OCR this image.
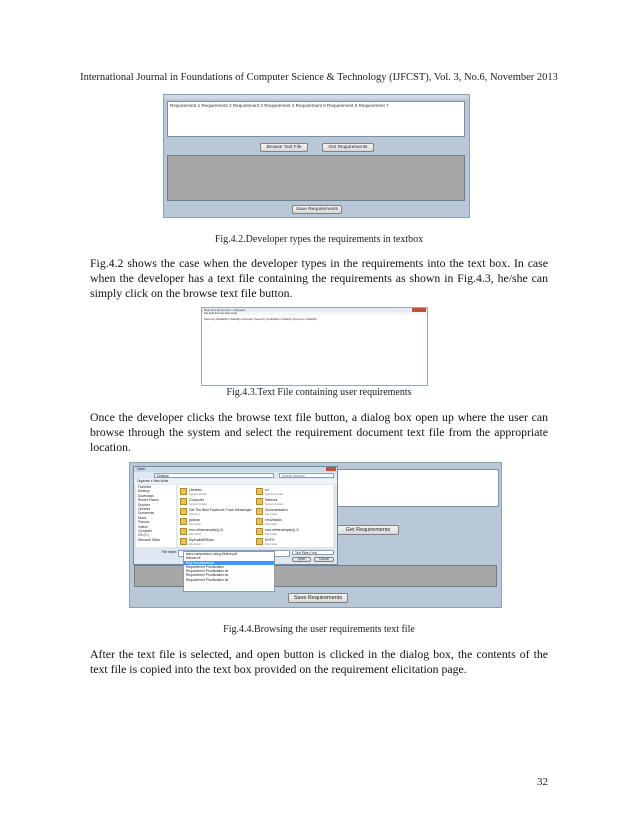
International Journal in Foundations of Computer Science & Technology (IJFCST), Vol. 3, No.6, November 2013
Requirement 1 Requirement 2 Requirement 3 Requirement 4 Requirement 5 Requirement 6 Requirement 7
Browse Text File	Get Requirements
Save Requirements
Fig.4.2.Developer types the requirements in textbox
Fig.4.2 shows the case when the developer types in the requirements into the text box. In case when the developer has a text file containing the requirements as shown in Fig.4.3, he/she can simply click on the browse text file button.
New Text Document - Notepad
File Edit Format View Help
Security Reliability Usability Accuracy Security Scalability Usability Accuracy Usability
Fig.4.3.Text File containing user requirements
Once the developer clicks the browse text file button, a dialog box open up where the user can browse through the system and select the requirement document text file from the appropriate location.
Get Requirements
Save Requirements
Open
Desktop	Search Desktop
Organize ▾ New folder
Favorites
Desktop
Downloads
Recent Places
Dropbox
Libraries
Documents
Music
Pictures
Videos
Computer
OS (C:)
Microsoft Office
Libraries
System Folder
sri
System Folder
Computer
System Folder
Network
System Folder
Get The Best Facebook Track Messenger
Shortcut
Documentation
File folder
gokhan
File folder
mru2banks
File folder
mru-mfmexample(s)-D
File folder
mru-mfmexample(s)-D
File folder
MyAudioBRKtao
File folder
MYFS
File folder
File name:	Text Files (*.txt)
Open	Cancel
aacs-comparision-using-Motive.pdf
fellows.txt
Req.Documents.txt
Requirement Prioritization
Requirement Prioritization.txt
Requirement Prioritization.txt
Requirement Prioritization.txt
Fig.4.4.Browsing the user requirements text file
After the text file is selected, and open button is clicked in the dialog box, the contents of the text file is copied into the text box provided on the requirement elicitation page.
32
